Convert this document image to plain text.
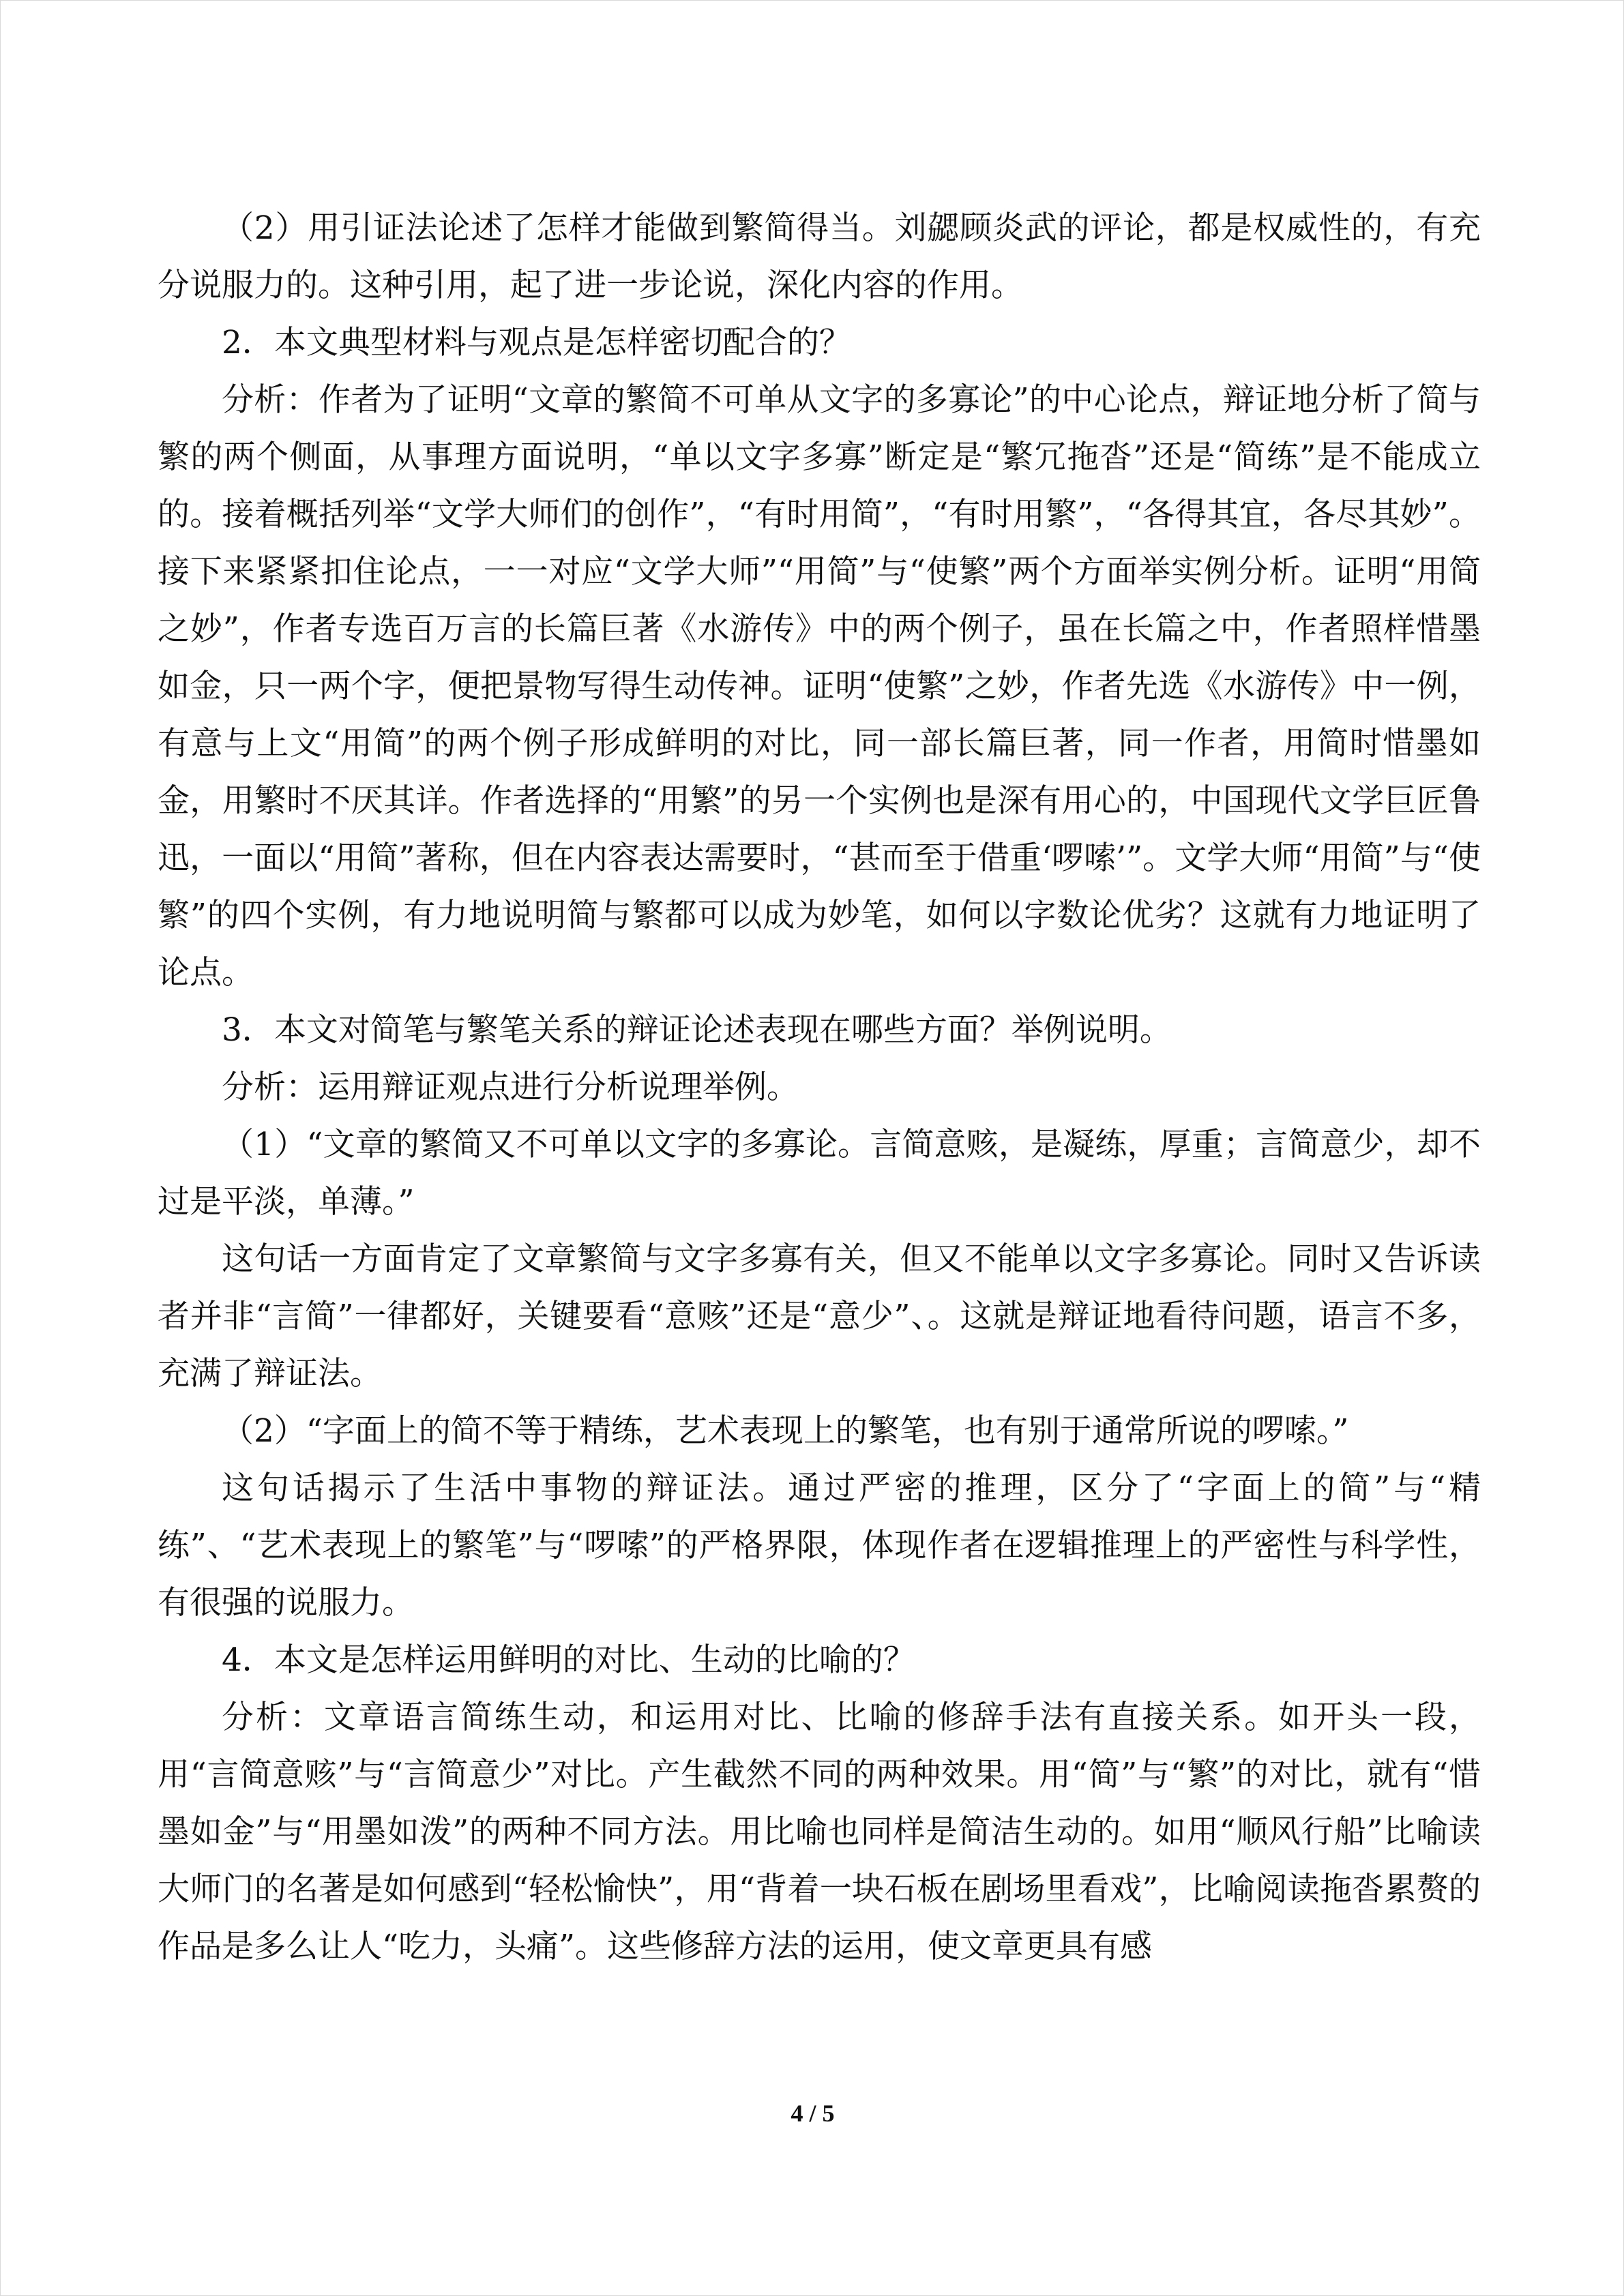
（2）用引证法论述了怎样才能做到繁简得当。刘勰顾炎武的评论，都是权威性的，有充分说服力的。这种引用，起了进一步论说，深化内容的作用。

2．本文典型材料与观点是怎样密切配合的？

分析：作者为了证明“文章的繁简不可单从文字的多寡论”的中心论点，辩证地分析了简与繁的两个侧面，从事理方面说明，“单以文字多寡”断定是“繁冗拖沓”还是“简练”是不能成立的。接着概括列举“文学大师们的创作”，“有时用简”，“有时用繁”，“各得其宜，各尽其妙”。接下来紧紧扣住论点，一一对应“文学大师”“用简”与“使繁”两个方面举实例分析。证明“用简之妙”，作者专选百万言的长篇巨著《水游传》中的两个例子，虽在长篇之中，作者照样惜墨如金，只一两个字，便把景物写得生动传神。证明“使繁”之妙，作者先选《水游传》中一例，有意与上文“用简”的两个例子形成鲜明的对比，同一部长篇巨著，同一作者，用简时惜墨如金，用繁时不厌其详。作者选择的“用繁”的另一个实例也是深有用心的，中国现代文学巨匠鲁迅，一面以“用简”著称，但在内容表达需要时，“甚而至于借重‘啰嗦’”。文学大师“用简”与“使繁”的四个实例，有力地说明简与繁都可以成为妙笔，如何以字数论优劣？这就有力地证明了论点。

3．本文对简笔与繁笔关系的辩证论述表现在哪些方面？举例说明。

分析：运用辩证观点进行分析说理举例。

（1）“文章的繁简又不可单以文字的多寡论。言简意赅，是凝练，厚重；言简意少，却不过是平淡，单薄。”

这句话一方面肯定了文章繁简与文字多寡有关，但又不能单以文字多寡论。同时又告诉读者并非“言简”一律都好，关键要看“意赅”还是“意少”、。这就是辩证地看待问题，语言不多，充满了辩证法。

（2）“字面上的简不等于精练，艺术表现上的繁笔，也有别于通常所说的啰嗦。”

这句话揭示了生活中事物的辩证法。通过严密的推理，区分了“字面上的简”与“精练”、“艺术表现上的繁笔”与“啰嗦”的严格界限，体现作者在逻辑推理上的严密性与科学性，有很强的说服力。

4．本文是怎样运用鲜明的对比、生动的比喻的？

分析：文章语言简练生动，和运用对比、比喻的修辞手法有直接关系。如开头一段，用“言简意赅”与“言简意少”对比。产生截然不同的两种效果。用“简”与“繁”的对比，就有“惜墨如金”与“用墨如泼”的两种不同方法。用比喻也同样是简洁生动的。如用“顺风行船”比喻读大师门的名著是如何感到“轻松愉快”，用“背着一块石板在剧场里看戏”，比喻阅读拖沓累赘的作品是多么让人“吃力，头痛”。这些修辞方法的运用，使文章更具有感

4 / 5
